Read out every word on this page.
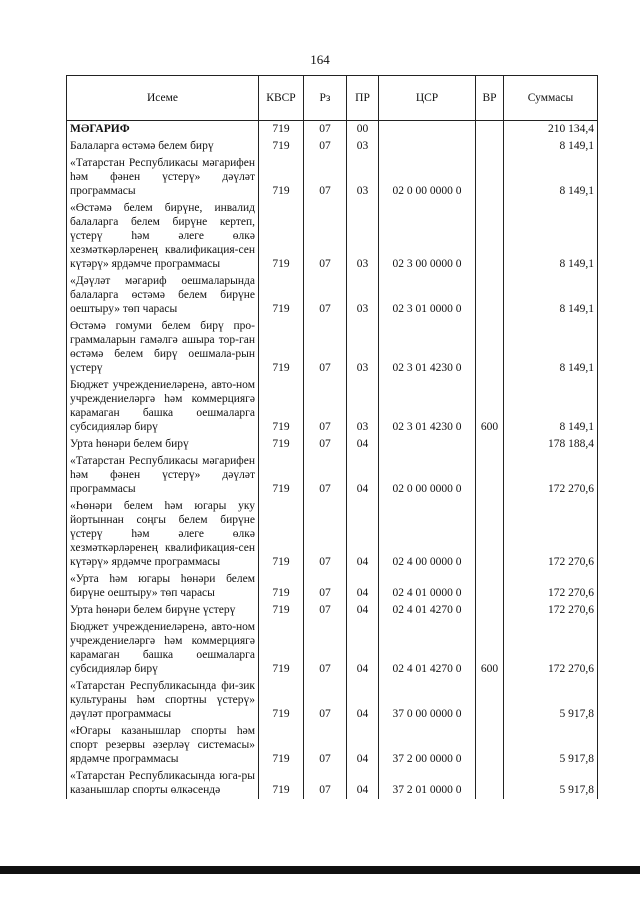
164
Исеме	КВСР	Рз	ПР	ЦСР	ВР	Суммасы
МӘГАРИФ	719	07	00			210 134,4
Балаларга өстәмә белем бирү	719	07	03			8 149,1
«Татарстан Республикасы мәгарифен һәм фәнен үстерү» дәүләт программасы	719	07	03	02 0 00 0000 0		8 149,1
«Өстәмә белем бирүне, инвалид балаларга белем бирүне кертеп, үстерү һәм әлеге өлкә хезмәткәрләренең квалификация-сен күтәрү» ярдәмче программасы	719	07	03	02 3 00 0000 0		8 149,1
«Дәүләт мәгариф оешмаларында балаларга өстәмә белем бирүне оештыру» төп чарасы	719	07	03	02 3 01 0000 0		8 149,1
Өстәмә гомуми белем бирү про-граммаларын гамәлгә ашыра тор-ган өстәмә белем бирү оешмала-рын үстерү	719	07	03	02 3 01 4230 0		8 149,1
Бюджет учреждениеләренә, авто-ном учреждениеләргә һәм коммерциягә карамаган башка оешмаларга субсидияләр бирү	719	07	03	02 3 01 4230 0	600	8 149,1
Урта һөнәри белем бирү	719	07	04			178 188,4
«Татарстан Республикасы мәгарифен һәм фәнен үстерү» дәүләт программасы	719	07	04	02 0 00 0000 0		172 270,6
«Һөнәри белем һәм югары уку йортыннан соңгы белем бирүне үстерү һәм әлеге өлкә хезмәткәрләренең квалификация-сен күтәрү» ярдәмче программасы	719	07	04	02 4 00 0000 0		172 270,6
«Урта һәм югары һөнәри белем бирүне оештыру» төп чарасы	719	07	04	02 4 01 0000 0		172 270,6
Урта һөнәри белем бирүне үстерү	719	07	04	02 4 01 4270 0		172 270,6
Бюджет учреждениеләренә, авто-ном учреждениеләргә һәм коммерциягә карамаган башка оешмаларга субсидияләр бирү	719	07	04	02 4 01 4270 0	600	172 270,6
«Татарстан Республикасында фи-зик культураны һәм спортны үстерү» дәүләт программасы	719	07	04	37 0 00 0000 0		5 917,8
«Югары казанышлар спорты һәм спорт резервы әзерләү системасы» ярдәмче программасы	719	07	04	37 2 00 0000 0		5 917,8
«Татарстан Республикасында юга-ры казанышлар спорты өлкәсендә	719	07	04	37 2 01 0000 0		5 917,8
